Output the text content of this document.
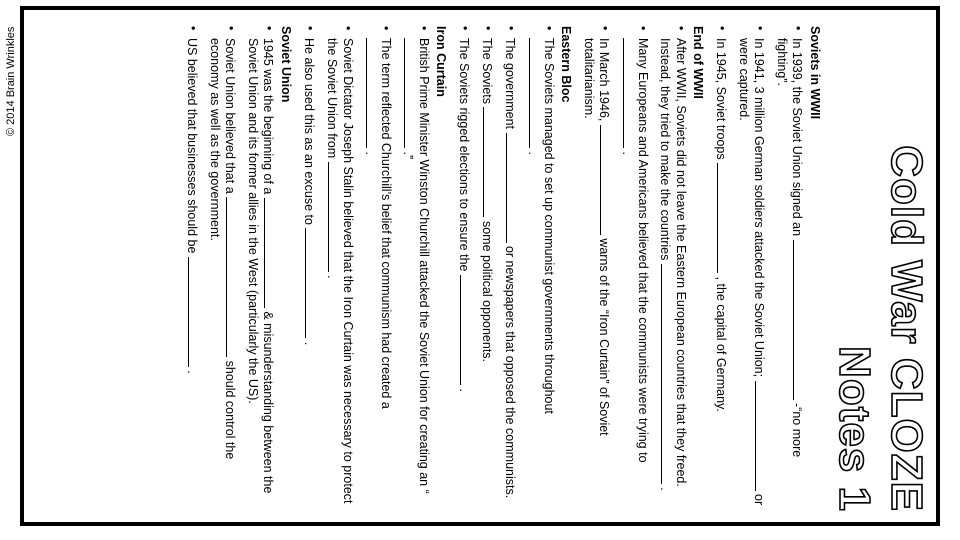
© 2014 Brain Wrinkles
Cold War CLOZE Notes 1
Soviets in WWII
• In 1939, the Soviet Union signed an  -“no more fighting”.
• In 1941, 3 million German soldiers attacked the Soviet Union;  or were captured.
• In 1945, Soviet troops  , the capital of Germany.
End of WWII
• After WWII, Soviets did not leave the Eastern European countries that they freed. Instead, they tried to make the countries  .
• Many Europeans and Americans believed that the communists were trying to  .
• In March 1946,  warns of the “Iron Curtain” of Soviet totalitarianism.
Eastern Bloc
• The Soviets managed to set up communist governments throughout  .
• The government  or newspapers that opposed the communists.
• The Soviets  some political opponents.
• The Soviets rigged elections to ensure the  .
Iron Curtain
• British Prime Minister Winston Churchill attacked the Soviet Union for creating an “  .”
• The term reflected Churchill’s belief that communism had created a  .
• Soviet Dictator Joseph Stalin believed that the Iron Curtain was necessary to protect the Soviet Union from  .
• He also used this as an excuse to  .
Soviet Union
• 1945 was the beginning of a  & misunderstanding between the Soviet Union and its former allies in the West (particularly the US).
• Soviet Union believed that a  should control the economy as well as the government.
• US believed that businesses should be  .
